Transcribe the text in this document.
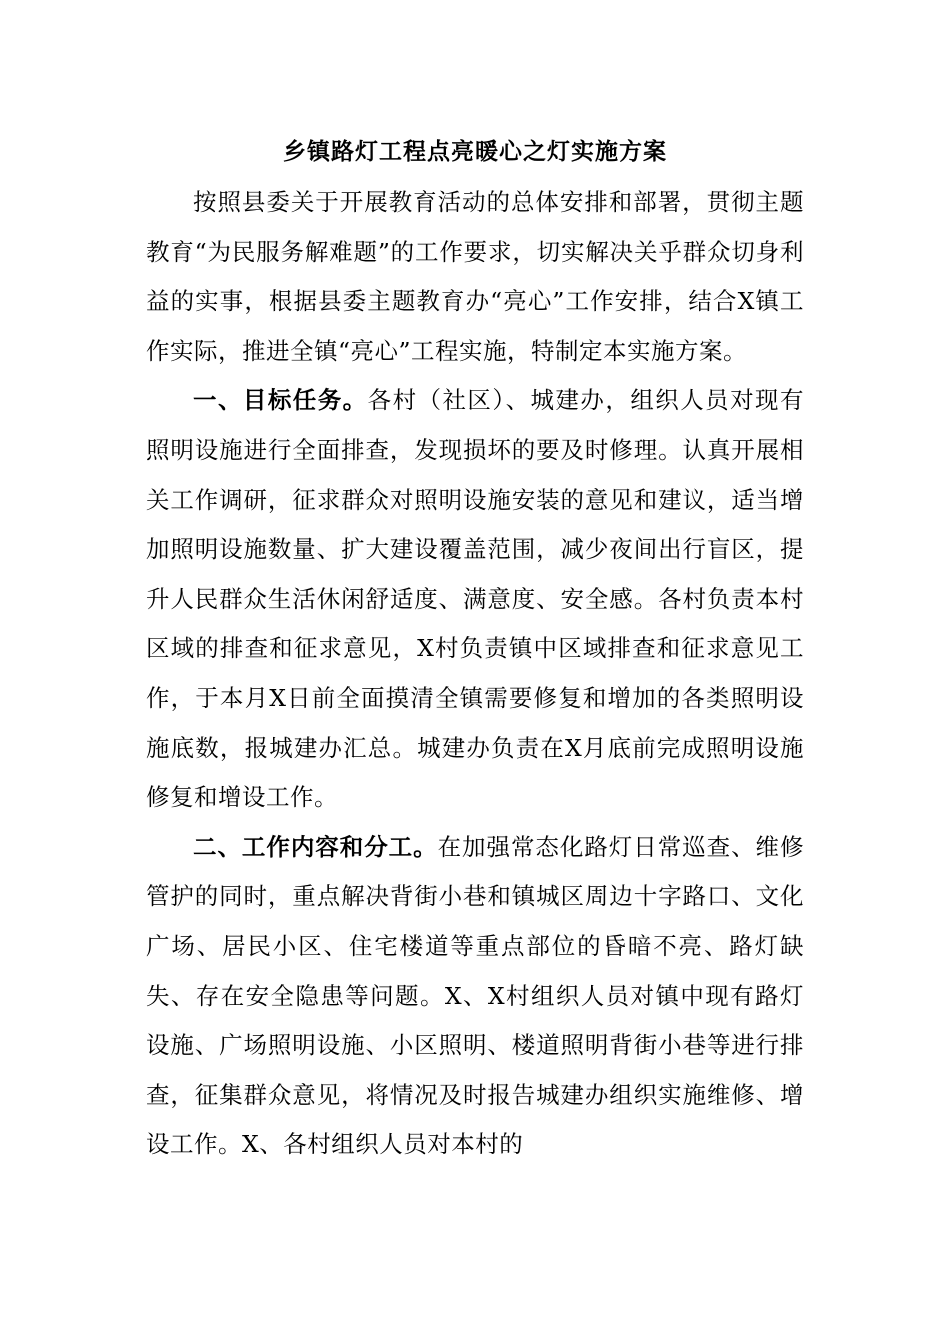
乡镇路灯工程点亮暖心之灯实施方案

按照县委关于开展教育活动的总体安排和部署，贯彻主题教育“为民服务解难题”的工作要求，切实解决关乎群众切身利益的实事，根据县委主题教育办“亮心”工作安排，结合X镇工作实际，推进全镇“亮心”工程实施，特制定本实施方案。

一、目标任务。各村（社区）、城建办，组织人员对现有照明设施进行全面排查，发现损坏的要及时修理。认真开展相关工作调研，征求群众对照明设施安装的意见和建议，适当增加照明设施数量、扩大建设覆盖范围，减少夜间出行盲区，提升人民群众生活休闲舒适度、满意度、安全感。各村负责本村区域的排查和征求意见，X村负责镇中区域排查和征求意见工作，于本月X日前全面摸清全镇需要修复和增加的各类照明设施底数，报城建办汇总。城建办负责在X月底前完成照明设施修复和增设工作。

二、工作内容和分工。在加强常态化路灯日常巡查、维修管护的同时，重点解决背街小巷和镇城区周边十字路口、文化广场、居民小区、住宅楼道等重点部位的昏暗不亮、路灯缺失、存在安全隐患等问题。X、X村组织人员对镇中现有路灯设施、广场照明设施、小区照明、楼道照明背街小巷等进行排查，征集群众意见，将情况及时报告城建办组织实施维修、增设工作。X、各村组织人员对本村的
